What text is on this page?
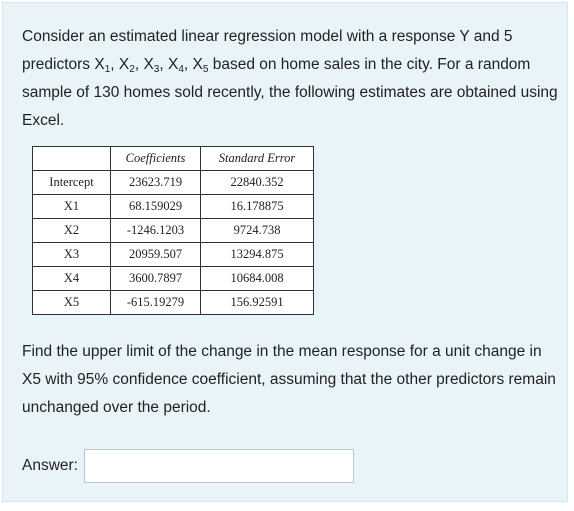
Consider an estimated linear regression model with a response Y and 5 predictors $X_1$, $X_2$, $X_3$, $X_4$, $X_5$ based on home sales in the city. For a random sample of 130 homes sold recently, the following estimates are obtained using Excel.
	Coefficients	Standard Error
Intercept	23623.719	22840.352
X1	68.159029	16.178875
X2	-1246.1203	9724.738
X3	20959.507	13294.875
X4	3600.7897	10684.008
X5	-615.19279	156.92591
Find the upper limit of the change in the mean response for a unit change in X5 with 95% confidence coefficient, assuming that the other predictors remain unchanged over the period.
Answer:
